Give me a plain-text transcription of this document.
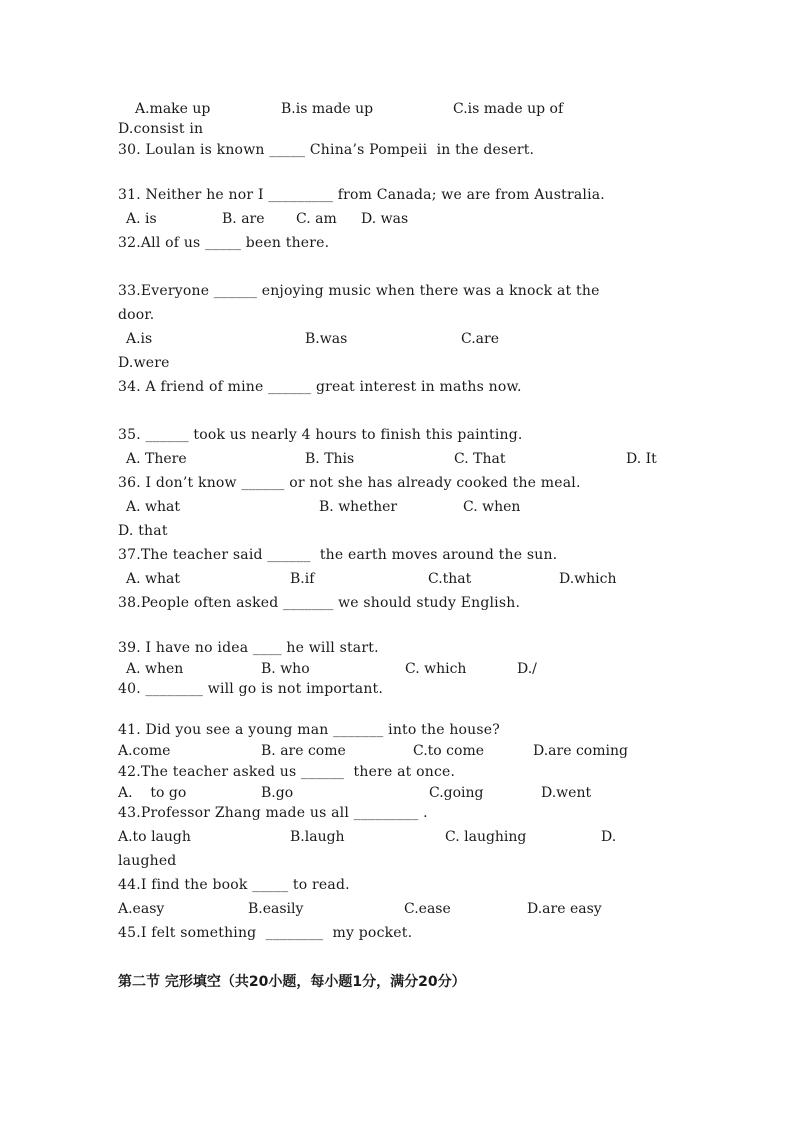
A.make up	B.is made up	C.is made up of
D.consist in
30. Loulan is known _____ China’s Pompeii  in the desert.
31. Neither he nor I _________ from Canada; we are from Australia.
A. is	B. are C. am D. was
32.All of us _____ been there.
33.Everyone ______ enjoying music when there was a knock at the
door.
A.is	B.was	C.are
D.were
34. A friend of mine ______ great interest in maths now.
35. ______ took us nearly 4 hours to finish this painting.
A. There	B. This	C. That	D. It
36. I don’t know ______ or not she has already cooked the meal.
A. what	B. whether	C. when
D. that
37.The teacher said ______  the earth moves around the sun.
A. what	B.if	C.that	D.which
38.People often asked _______ we should study English.
39. I have no idea ____ he will start.
A. when	B. who	C. which	D./
40. ________ will go is not important.
41. Did you see a young man _______ into the house?
A.come	B. are come	C.to come	D.are coming
42.The teacher asked us ______  there at once.
A.    to go	B.go	C.going	D.went
43.Professor Zhang made us all _________ .
A.to laugh	B.laugh	C. laughing	D.
laughed
44.I find the book _____ to read.
A.easy	B.easily	C.ease	D.are easy
45.I felt something  ________  my pocket.
第二节 完形填空（共20小题，每小题1分，满分20分）
